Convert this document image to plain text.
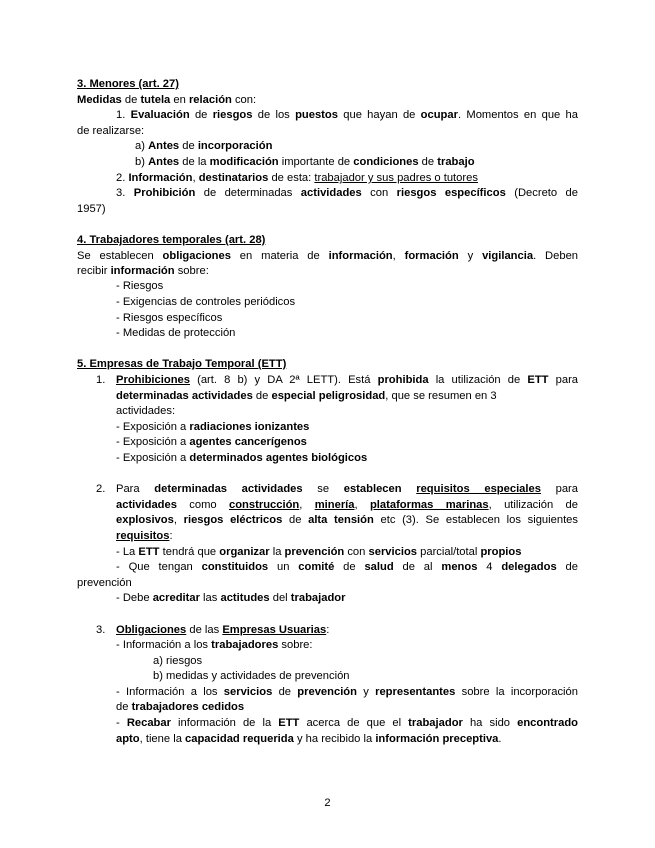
3. Menores (art. 27)
Medidas de tutela en relación con:
1. Evaluación de riesgos de los puestos que hayan de ocupar. Momentos en que ha
de realizarse:
a) Antes de incorporación
b) Antes de la modificación importante de condiciones de trabajo
2. Información, destinatarios de esta: trabajador y sus padres o tutores
3. Prohibición de determinadas actividades con riesgos específicos (Decreto de
1957)
4. Trabajadores temporales (art. 28)
Se establecen obligaciones en materia de información, formación y vigilancia. Deben
recibir información sobre:
- Riesgos
- Exigencias de controles periódicos
- Riesgos específicos
- Medidas de protección
5. Empresas de Trabajo Temporal (ETT)
1. Prohibiciones (art. 8 b) y DA 2ª LETT). Está prohibida la utilización de ETT para
determinadas actividades de especial peligrosidad, que se resumen en 3
actividades:
- Exposición a radiaciones ionizantes
- Exposición a agentes cancerígenos
- Exposición a determinados agentes biológicos
2. Para determinadas actividades se establecen requisitos especiales para
actividades como construcción, minería, plataformas marinas, utilización de
explosivos, riesgos eléctricos de alta tensión etc (3). Se establecen los siguientes
requisitos:
- La ETT tendrá que organizar la prevención con servicios parcial/total propios
- Que tengan constituidos un comité de salud de al menos 4 delegados de
prevención
- Debe acreditar las actitudes del trabajador
3. Obligaciones de las Empresas Usuarias:
- Información a los trabajadores sobre:
a) riesgos
b) medidas y actividades de prevención
- Información a los servicios de prevención y representantes sobre la incorporación
de trabajadores cedidos
- Recabar información de la ETT acerca de que el trabajador ha sido encontrado
apto, tiene la capacidad requerida y ha recibido la información preceptiva.
2
